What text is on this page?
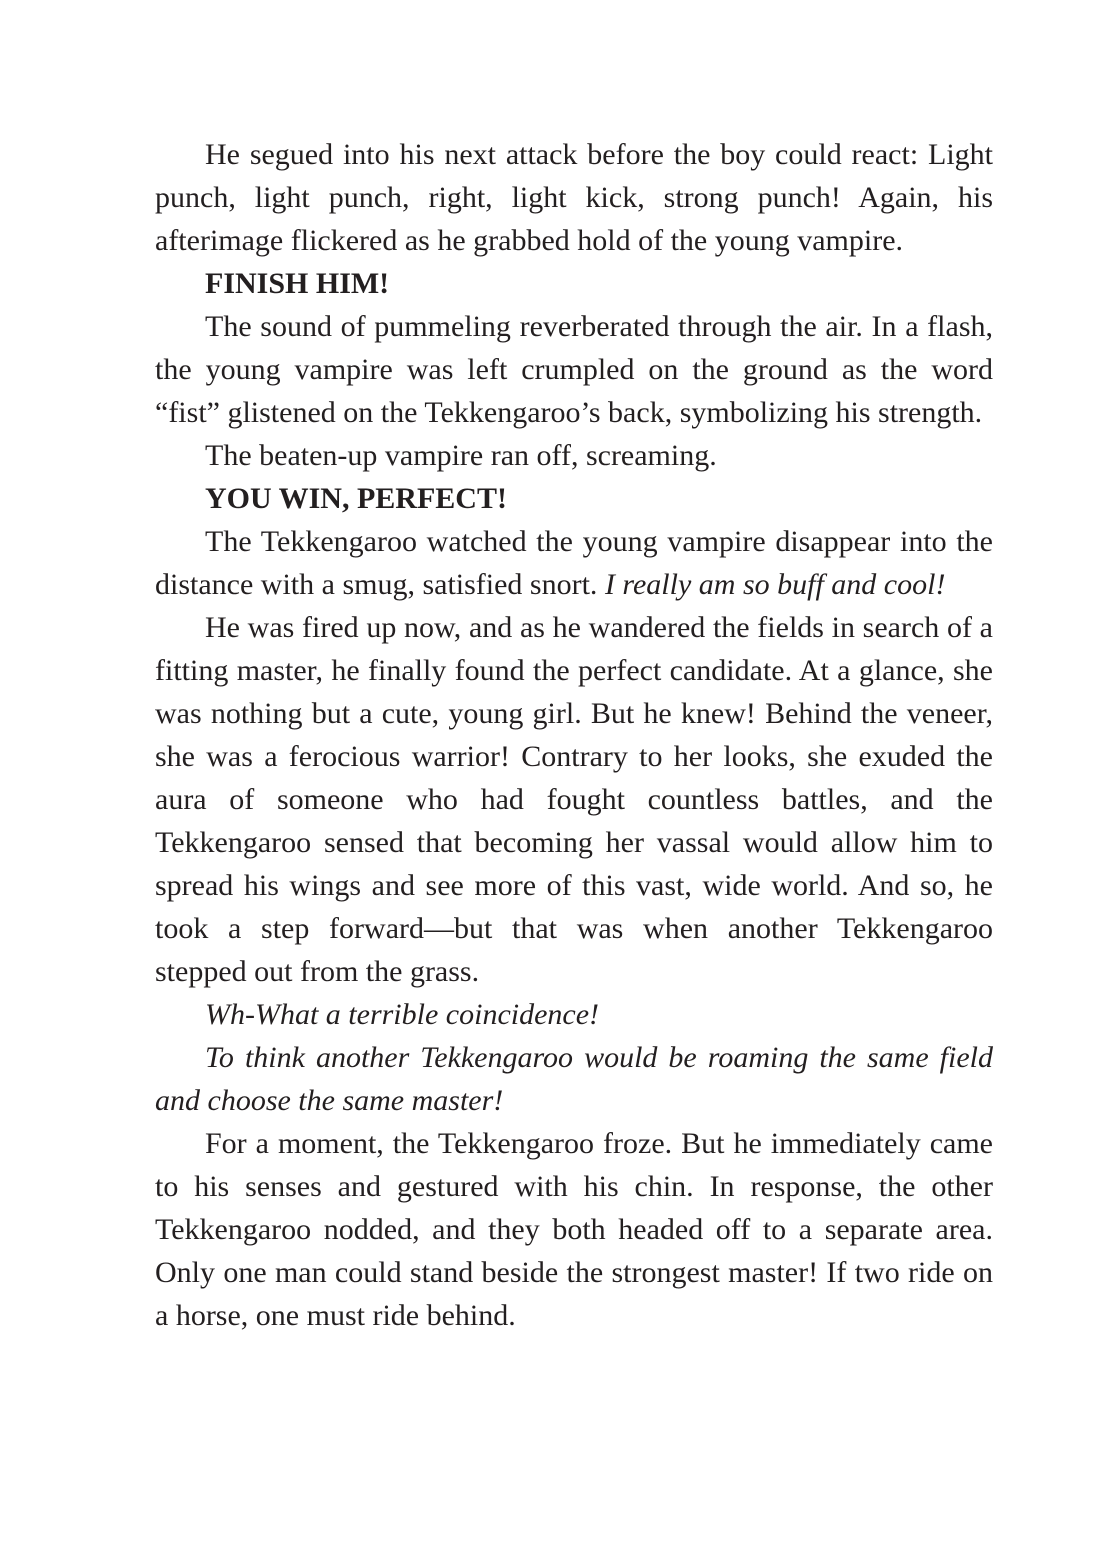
He segued into his next attack before the boy could react: Light punch, light punch, right, light kick, strong punch! Again, his afterimage flickered as he grabbed hold of the young vampire.

FINISH HIM!

The sound of pummeling reverberated through the air. In a flash, the young vampire was left crumpled on the ground as the word “fist” glistened on the Tekkengaroo’s back, symbolizing his strength.

The beaten-up vampire ran off, screaming.

YOU WIN, PERFECT!

The Tekkengaroo watched the young vampire disappear into the distance with a smug, satisfied snort. I really am so buff and cool!

He was fired up now, and as he wandered the fields in search of a fitting master, he finally found the perfect candidate. At a glance, she was nothing but a cute, young girl. But he knew! Behind the veneer, she was a ferocious warrior! Contrary to her looks, she exuded the aura of someone who had fought countless battles, and the Tekkengaroo sensed that becoming her vassal would allow him to spread his wings and see more of this vast, wide world. And so, he took a step forward—but that was when another Tekkengaroo stepped out from the grass.

Wh-What a terrible coincidence!

To think another Tekkengaroo would be roaming the same field and choose the same master!

For a moment, the Tekkengaroo froze. But he immediately came to his senses and gestured with his chin. In response, the other Tekkengaroo nodded, and they both headed off to a separate area. Only one man could stand beside the strongest master! If two ride on a horse, one must ride behind.
